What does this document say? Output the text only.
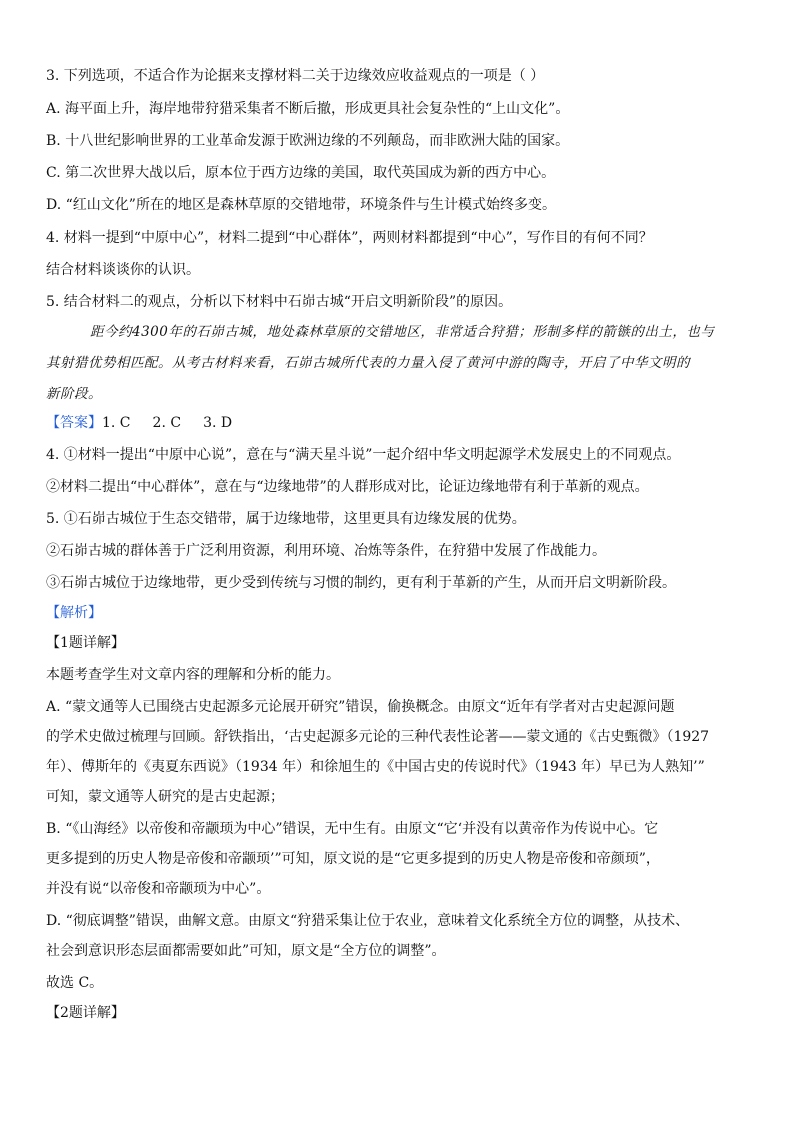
3. 下列选项，不适合作为论据来支撑材料二关于边缘效应收益观点的一项是（ ）
A. 海平面上升，海岸地带狩猎采集者不断后撤，形成更具社会复杂性的“上山文化”。
B. 十八世纪影响世界的工业革命发源于欧洲边缘的不列颠岛，而非欧洲大陆的国家。
C. 第二次世界大战以后，原本位于西方边缘的美国，取代英国成为新的西方中心。
D. “红山文化”所在的地区是森林草原的交错地带，环境条件与生计模式始终多变。
4. 材料一提到“中原中心”，材料二提到“中心群体”，两则材料都提到“中心”，写作目的有何不同？
结合材料谈谈你的认识。
5. 结合材料二的观点，分析以下材料中石峁古城“开启文明新阶段”的原因。
距今约4300年的石峁古城，地处森林草原的交错地区，非常适合狩猎；形制多样的箭镞的出土，也与
其射猎优势相匹配。从考古材料来看，石峁古城所代表的力量入侵了黄河中游的陶寺，开启了中华文明的
新阶段。
【答案】1. C 2. C 3. D
4. ①材料一提出“中原中心说”，意在与“满天星斗说”一起介绍中华文明起源学术发展史上的不同观点。
②材料二提出“中心群体”，意在与“边缘地带”的人群形成对比，论证边缘地带有利于革新的观点。
5. ①石峁古城位于生态交错带，属于边缘地带，这里更具有边缘发展的优势。
②石峁古城的群体善于广泛利用资源，利用环境、冶炼等条件，在狩猎中发展了作战能力。
③石峁古城位于边缘地带，更少受到传统与习惯的制约，更有利于革新的产生，从而开启文明新阶段。
【解析】
【1题详解】
本题考查学生对文章内容的理解和分析的能力。
A. “蒙文通等人已围绕古史起源多元论展开研究”错误，偷换概念。由原文“近年有学者对古史起源问题
的学术史做过梳理与回顾。舒铁指出，‘古史起源多元论的三种代表性论著——蒙文通的《古史甄微》（1927
年）、傅斯年的《夷夏东西说》（1934 年）和徐旭生的《中国古史的传说时代》（1943 年）早已为人熟知’”
可知，蒙文通等人研究的是古史起源；
B. “《山海经》以帝俊和帝颛顼为中心”错误，无中生有。由原文“它‘并没有以黄帝作为传说中心。它
更多提到的历史人物是帝俊和帝颛顼’”可知，原文说的是“它更多提到的历史人物是帝俊和帝颜顼”，
并没有说“以帝俊和帝颛顼为中心”。
D. “彻底调整”错误，曲解文意。由原文“狩猎采集让位于农业，意味着文化系统全方位的调整，从技术、
社会到意识形态层面都需要如此”可知，原文是“全方位的调整”。
故选 C。
【2题详解】
